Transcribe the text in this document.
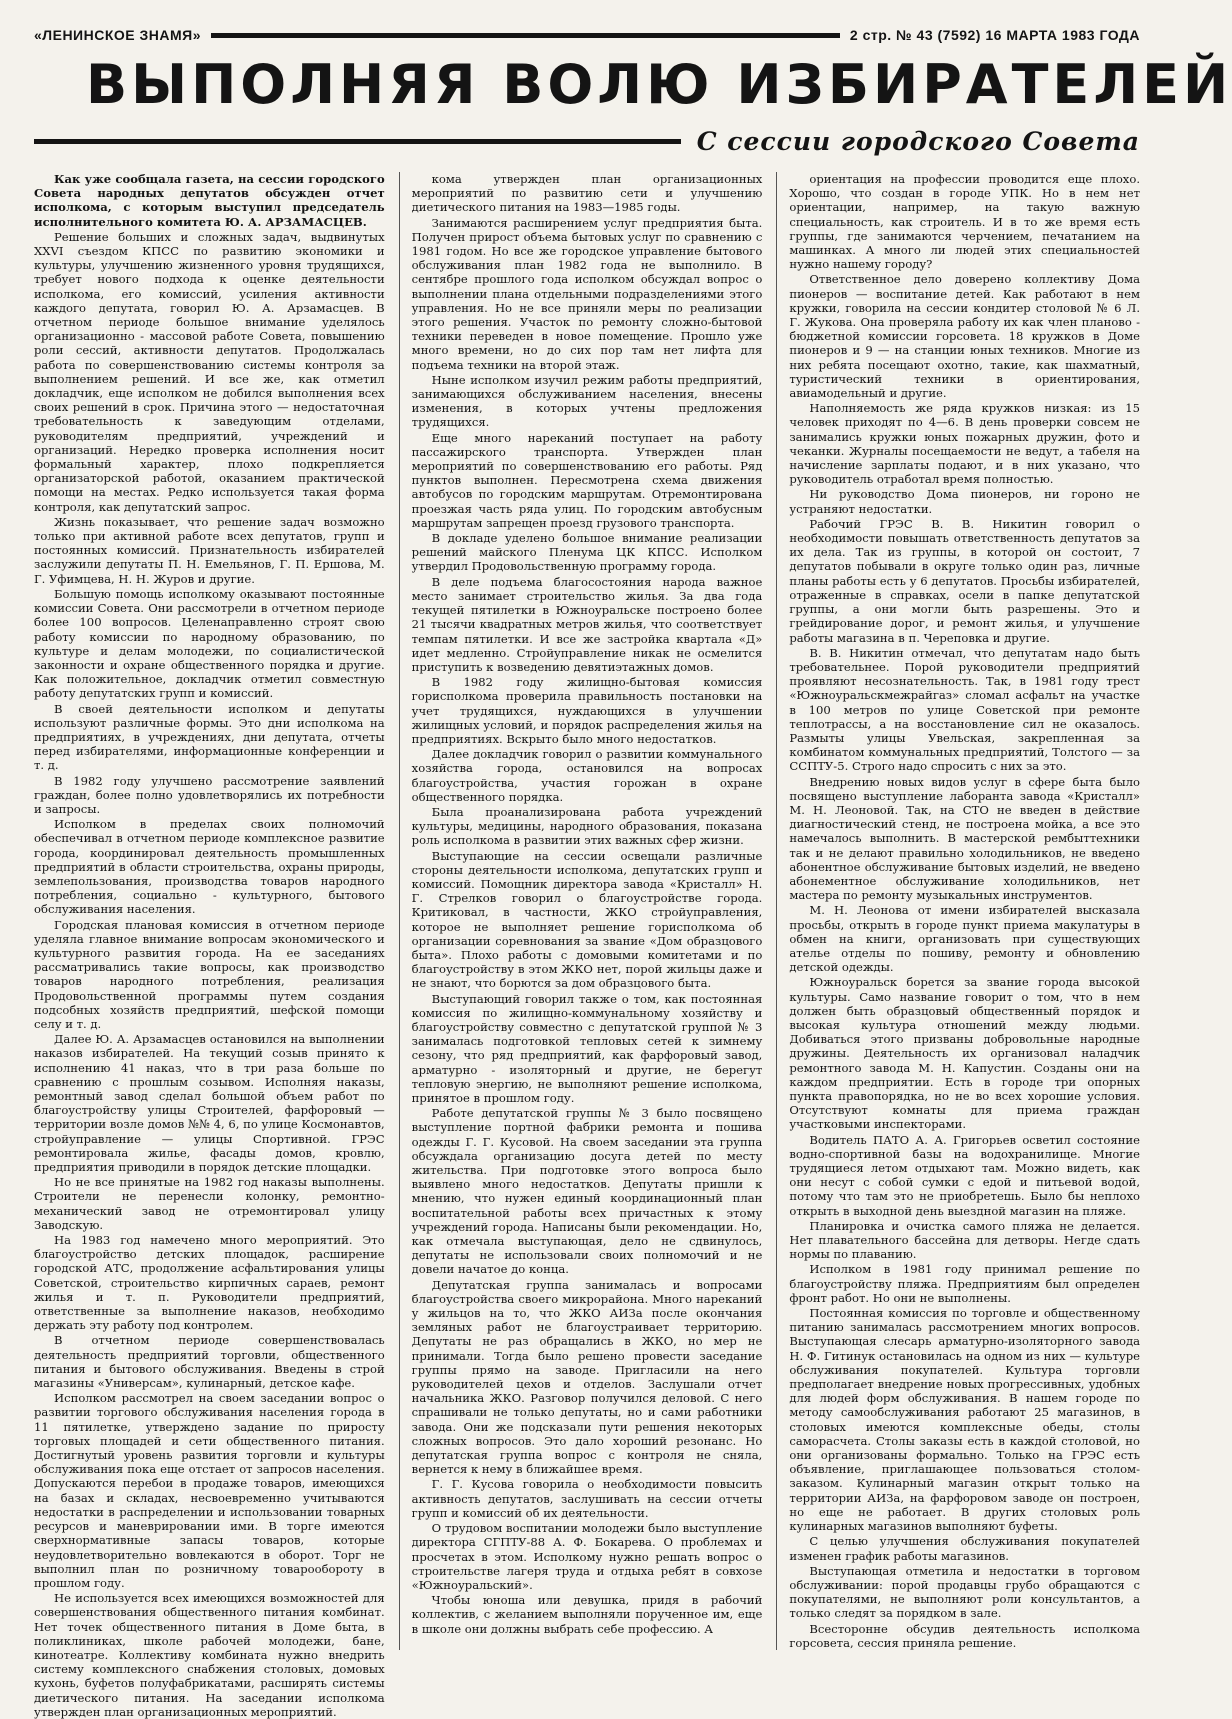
«ЛЕНИНСКОЕ ЗНАМЯ»	2 стр. № 43 (7592) 16 МАРТА 1983 ГОДА
ВЫПОЛНЯЯ ВОЛЮ ИЗБИРАТЕЛЕЙ
С сессии городского Совета

Как уже сообщала газета, на сессии городского Совета народных депутатов обсужден отчет исполкома, с которым выступил председатель исполнительного комитета Ю. А. АРЗАМАСЦЕВ.

Решение больших и сложных задач, выдвинутых XXVI съездом КПСС по развитию экономики и культуры, улучшению жизненного уровня трудящихся, требует нового подхода к оценке деятельности исполкома, его комиссий, усиления активности каждого депутата, говорил Ю. А. Арзамасцев. В отчетном периоде большое внимание уделялось организационно - массовой работе Совета, повышению роли сессий, активности депутатов. Продолжалась работа по совершенствованию системы контроля за выполнением решений. И все же, как отметил докладчик, еще исполком не добился выполнения всех своих решений в срок. Причина этого — недостаточная требовательность к заведующим отделами, руководителям предприятий, учреждений и организаций. Нередко проверка исполнения носит формальный характер, плохо подкрепляется организаторской работой, оказанием практической помощи на местах. Редко используется такая форма контроля, как депутатский запрос.

Жизнь показывает, что решение задач возможно только при активной работе всех депутатов, групп и постоянных комиссий. Признательность избирателей заслужили депутаты П. Н. Емельянов, Г. П. Ершова, М. Г. Уфимцева, Н. Н. Журов и другие.

Большую помощь исполкому оказывают постоянные комиссии Совета. Они рассмотрели в отчетном периоде более 100 вопросов. Целенаправленно строят свою работу комиссии по народному образованию, по культуре и делам молодежи, по социалистической законности и охране общественного порядка и другие. Как положительное, докладчик отметил совместную работу депутатских групп и комиссий.

В своей деятельности исполком и депутаты используют различные формы. Это дни исполкома на предприятиях, в учреждениях, дни депутата, отчеты перед избирателями, информационные конференции и т. д.

В 1982 году улучшено рассмотрение заявлений граждан, более полно удовлетворялись их потребности и запросы.

Исполком в пределах своих полномочий обеспечивал в отчетном периоде комплексное развитие города, координировал деятельность промышленных предприятий в области строительства, охраны природы, землепользования, производства товаров народного потребления, социально - культурного, бытового обслуживания населения.

Городская плановая комиссия в отчетном периоде уделяла главное внимание вопросам экономического и культурного развития города. На ее заседаниях рассматривались такие вопросы, как производство товаров народного потребления, реализация Продовольственной программы путем создания подсобных хозяйств предприятий, шефской помощи селу и т. д.

Далее Ю. А. Арзамасцев остановился на выполнении наказов избирателей. На текущий созыв принято к исполнению 41 наказ, что в три раза больше по сравнению с прошлым созывом. Исполняя наказы, ремонтный завод сделал большой объем работ по благоустройству улицы Строителей, фарфоровый — территории возле домов №№ 4, 6, по улице Космонавтов, стройуправление — улицы Спортивной. ГРЭС ремонтировала жилье, фасады домов, кровлю, предприятия приводили в порядок детские площадки.

Но не все принятые на 1982 год наказы выполнены. Строители не перенесли колонку, ремонтно-механический завод не отремонтировал улицу Заводскую.

На 1983 год намечено много мероприятий. Это благоустройство детских площадок, расширение городской АТС, продолжение асфальтирования улицы Советской, строительство кирпичных сараев, ремонт жилья и т. п. Руководители предприятий, ответственные за выполнение наказов, необходимо держать эту работу под контролем.

В отчетном периоде совершенствовалась деятельность предприятий торговли, общественного питания и бытового обслуживания. Введены в строй магазины «Универсам», кулинарный, детское кафе.

Исполком рассмотрел на своем заседании вопрос о развитии торгового обслуживания населения города в 11 пятилетке, утверждено задание по приросту торговых площадей и сети общественного питания. Достигнутый уровень развития торговли и культуры обслуживания пока еще отстает от запросов населения. Допускаются перебои в продаже товаров, имеющихся на базах и складах, несвоевременно учитываются недостатки в распределении и использовании товарных ресурсов и маневрировании ими. В торге имеются сверхнормативные запасы товаров, которые неудовлетворительно вовлекаются в оборот. Торг не выполнил план по розничному товарообороту в прошлом году.

Не используется всех имеющихся возможностей для совершенствования общественного питания комбинат. Нет точек общественного питания в Доме быта, в поликлиниках, школе рабочей молодежи, бане, кинотеатре. Коллективу комбината нужно внедрить систему комплексного снабжения столовых, домовых кухонь, буфетов полуфабрикатами, расширять системы диетического питания. На заседании исполкома утвержден план организационных мероприятий.

кома утвержден план организационных мероприятий по развитию сети и улучшению диетического питания на 1983—1985 годы.

Занимаются расширением услуг предприятия быта. Получен прирост объема бытовых услуг по сравнению с 1981 годом. Но все же городское управление бытового обслуживания план 1982 года не выполнило. В сентябре прошлого года исполком обсуждал вопрос о выполнении плана отдельными подразделениями этого управления. Но не все приняли меры по реализации этого решения. Участок по ремонту сложно-бытовой техники переведен в новое помещение. Прошло уже много времени, но до сих пор там нет лифта для подъема техники на второй этаж.

Ныне исполком изучил режим работы предприятий, занимающихся обслуживанием населения, внесены изменения, в которых учтены предложения трудящихся.

Еще много нареканий поступает на работу пассажирского транспорта. Утвержден план мероприятий по совершенствованию его работы. Ряд пунктов выполнен. Пересмотрена схема движения автобусов по городским маршрутам. Отремонтирована проезжая часть ряда улиц. По городским автобусным маршрутам запрещен проезд грузового транспорта.

В докладе уделено большое внимание реализации решений майского Пленума ЦК КПСС. Исполком утвердил Продовольственную программу города.

В деле подъема благосостояния народа важное место занимает строительство жилья. За два года текущей пятилетки в Южноуральске построено более 21 тысячи квадратных метров жилья, что соответствует темпам пятилетки. И все же застройка квартала «Д» идет медленно. Стройуправление никак не осмелится приступить к возведению девятиэтажных домов.

В 1982 году жилищно-бытовая комиссия горисполкома проверила правильность постановки на учет трудящихся, нуждающихся в улучшении жилищных условий, и порядок распределения жилья на предприятиях. Вскрыто было много недостатков.

Далее докладчик говорил о развитии коммунального хозяйства города, остановился на вопросах благоустройства, участия горожан в охране общественного порядка.

Была проанализирована работа учреждений культуры, медицины, народного образования, показана роль исполкома в развитии этих важных сфер жизни.

Выступающие на сессии освещали различные стороны деятельности исполкома, депутатских групп и комиссий. Помощник директора завода «Кристалл» Н. Г. Стрелков говорил о благоустройстве города. Критиковал, в частности, ЖКО стройуправления, которое не выполняет решение горисполкома об организации соревнования за звание «Дом образцового быта». Плохо работы с домовыми комитетами и по благоустройству в этом ЖКО нет, порой жильцы даже и не знают, что борются за дом образцового быта.

Выступающий говорил также о том, как постоянная комиссия по жилищно-коммунальному хозяйству и благоустройству совместно с депутатской группой № 3 занималась подготовкой тепловых сетей к зимнему сезону, что ряд предприятий, как фарфоровый завод, арматурно - изоляторный и другие, не берегут тепловую энергию, не выполняют решение исполкома, принятое в прошлом году.

Работе депутатской группы № 3 было посвящено выступление портной фабрики ремонта и пошива одежды Г. Г. Кусовой. На своем заседании эта группа обсуждала организацию досуга детей по месту жительства. При подготовке этого вопроса было выявлено много недостатков. Депутаты пришли к мнению, что нужен единый координационный план воспитательной работы всех причастных к этому учреждений города. Написаны были рекомендации. Но, как отмечала выступающая, дело не сдвинулось, депутаты не использовали своих полномочий и не довели начатое до конца.

Депутатская группа занималась и вопросами благоустройства своего микрорайона. Много нареканий у жильцов на то, что ЖКО АИЗа после окончания земляных работ не благоустраивает территорию. Депутаты не раз обращались в ЖКО, но мер не принимали. Тогда было решено провести заседание группы прямо на заводе. Пригласили на него руководителей цехов и отделов. Заслушали отчет начальника ЖКО. Разговор получился деловой. С него спрашивали не только депутаты, но и сами работники завода. Они же подсказали пути решения некоторых сложных вопросов. Это дало хороший резонанс. Но депутатская группа вопрос с контроля не сняла, вернется к нему в ближайшее время.

Г. Г. Кусова говорила о необходимости повысить активность депутатов, заслушивать на сессии отчеты групп и комиссий об их деятельности.

О трудовом воспитании молодежи было выступление директора СГПТУ-88 А. Ф. Бокарева. О проблемах и просчетах в этом. Исполкому нужно решать вопрос о строительстве лагеря труда и отдыха ребят в совхозе «Южноуральский».

Чтобы юноша или девушка, придя в рабочий коллектив, с желанием выполняли порученное им, еще в школе они должны выбрать себе профессию. А

ориентация на профессии проводится еще плохо. Хорошо, что создан в городе УПК. Но в нем нет ориентации, например, на такую важную специальность, как строитель. И в то же время есть группы, где занимаются черчением, печатанием на машинках. А много ли людей этих специальностей нужно нашему городу?

Ответственное дело доверено коллективу Дома пионеров — воспитание детей. Как работают в нем кружки, говорила на сессии кондитер столовой № 6 Л. Г. Жукова. Она проверяла работу их как член планово - бюджетной комиссии горсовета. 18 кружков в Доме пионеров и 9 — на станции юных техников. Многие из них ребята посещают охотно, такие, как шахматный, туристический техники в ориентирования, авиамодельный и другие.

Наполняемость же ряда кружков низкая: из 15 человек приходят по 4—6. В день проверки совсем не занимались кружки юных пожарных дружин, фото и чеканки. Журналы посещаемости не ведут, а табеля на начисление зарплаты подают, и в них указано, что руководитель отработал время полностью.

Ни руководство Дома пионеров, ни гороно не устраняют недостатки.

Рабочий ГРЭС В. В. Никитин говорил о необходимости повышать ответственность депутатов за их дела. Так из группы, в которой он состоит, 7 депутатов побывали в округе только один раз, личные планы работы есть у 6 депутатов. Просьбы избирателей, отраженные в справках, осели в папке депутатской группы, а они могли быть разрешены. Это и грейдирование дорог, и ремонт жилья, и улучшение работы магазина в п. Череповка и другие.

В. В. Никитин отмечал, что депутатам надо быть требовательнее. Порой руководители предприятий проявляют несознательность. Так, в 1981 году трест «Южноуральскмежрайгаз» сломал асфальт на участке в 100 метров по улице Советской при ремонте теплотрассы, а на восстановление сил не оказалось. Размыты улицы Увельская, закрепленная за комбинатом коммунальных предприятий, Толстого — за ССПТУ-5. Строго надо спросить с них за это.

Внедрению новых видов услуг в сфере быта было посвящено выступление лаборанта завода «Кристалл» М. Н. Леоновой. Так, на СТО не введен в действие диагностический стенд, не построена мойка, а все это намечалось выполнить. В мастерской рембыттехники так и не делают правильно холодильников, не введено абонентное обслуживание бытовых изделий, не введено абонементное обслуживание холодильников, нет мастера по ремонту музыкальных инструментов.

М. Н. Леонова от имени избирателей высказала просьбы, открыть в городе пункт приема макулатуры в обмен на книги, организовать при существующих ателье отделы по пошиву, ремонту и обновлению детской одежды.

Южноуральск борется за звание города высокой культуры. Само название говорит о том, что в нем должен быть образцовый общественный порядок и высокая культура отношений между людьми. Добиваться этого призваны добровольные народные дружины. Деятельность их организовал наладчик ремонтного завода М. Н. Капустин. Созданы они на каждом предприятии. Есть в городе три опорных пункта правопорядка, но не во всех хорошие условия. Отсутствуют комнаты для приема граждан участковыми инспекторами.

Водитель ПАТО А. А. Григорьев осветил состояние водно-спортивной базы на водохранилище. Многие трудящиеся летом отдыхают там. Можно видеть, как они несут с собой сумки с едой и питьевой водой, потому что там это не приобретешь. Было бы неплохо открыть в выходной день выездной магазин на пляже.

Планировка и очистка самого пляжа не делается. Нет плавательного бассейна для детворы. Негде сдать нормы по плаванию.

Исполком в 1981 году принимал решение по благоустройству пляжа. Предприятиям был определен фронт работ. Но они не выполнены.

Постоянная комиссия по торговле и общественному питанию занималась рассмотрением многих вопросов. Выступающая слесарь арматурно-изоляторного завода Н. Ф. Гитинук остановилась на одном из них — культуре обслуживания покупателей. Культура торговли предполагает внедрение новых прогрессивных, удобных для людей форм обслуживания. В нашем городе по методу самообслуживания работают 25 магазинов, в столовых имеются комплексные обеды, столы саморасчета. Столы заказы есть в каждой столовой, но они организованы формально. Только на ГРЭС есть объявление, приглашающее пользоваться столом-заказом. Кулинарный магазин открыт только на территории АИЗа, на фарфоровом заводе он построен, но еще не работает. В других столовых роль кулинарных магазинов выполняют буфеты.

С целью улучшения обслуживания покупателей изменен график работы магазинов.

Выступающая отметила и недостатки в торговом обслуживании: порой продавцы грубо обращаются с покупателями, не выполняют роли консультантов, а только следят за порядком в зале.

Всесторонне обсудив деятельность исполкома горсовета, сессия приняла решение.
